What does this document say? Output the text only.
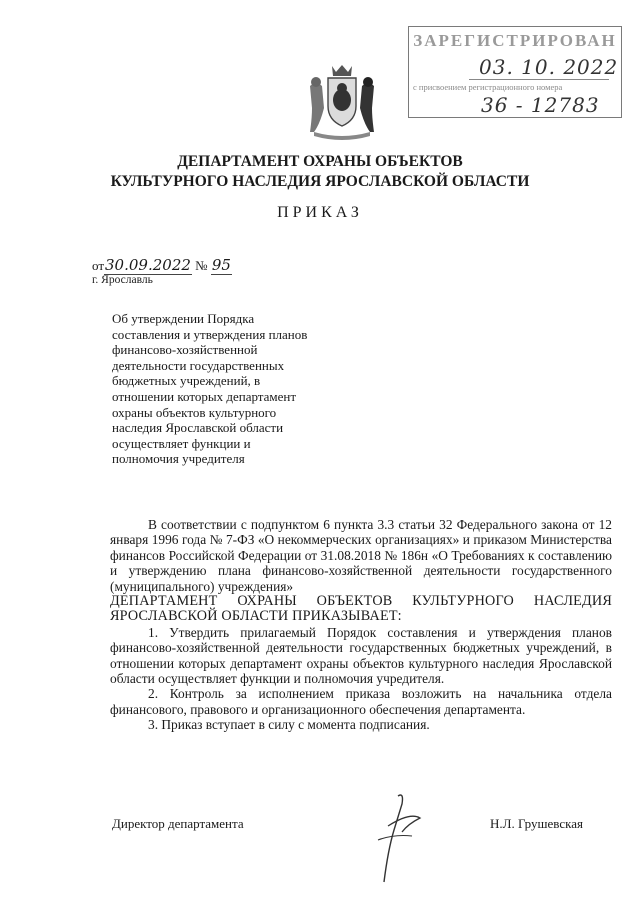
ЗАРЕГИСТРИРОВАН
03. 10. 2022
с присвоением регистрационного номера
36 - 12783
ДЕПАРТАМЕНТ ОХРАНЫ ОБЪЕКТОВ
КУЛЬТУРНОГО НАСЛЕДИЯ ЯРОСЛАВСКОЙ ОБЛАСТИ
ПРИКАЗ
от30.09.2022 № 95
г. Ярославль
Об утверждении Порядка
составления и утверждения планов
финансово-хозяйственной
деятельности государственных
бюджетных учреждений, в
отношении которых департамент
охраны объектов культурного
наследия Ярославской области
осуществляет функции и
полномочия учредителя

В соответствии с подпунктом 6 пункта 3.3 статьи 32 Федерального закона от 12 января 1996 года № 7-ФЗ «О некоммерческих организациях» и приказом Министерства финансов Российской Федерации от 31.08.2018 № 186н «О Требованиях к составлению и утверждению плана финансово-хозяйственной деятельности государственного (муниципального) учреждения»

ДЕПАРТАМЕНТ ОХРАНЫ ОБЪЕКТОВ КУЛЬТУРНОГО НАСЛЕДИЯ ЯРОСЛАВСКОЙ ОБЛАСТИ ПРИКАЗЫВАЕТ:

1. Утвердить прилагаемый Порядок составления и утверждения планов финансово-хозяйственной деятельности государственных бюджетных учреждений, в отношении которых департамент охраны объектов культурного наследия Ярославской области осуществляет функции и полномочия учредителя.

2. Контроль за исполнением приказа возложить на начальника отдела финансового, правового и организационного обеспечения департамента.

3. Приказ вступает в силу с момента подписания.

Директор департамента	Н.Л. Грушевская
